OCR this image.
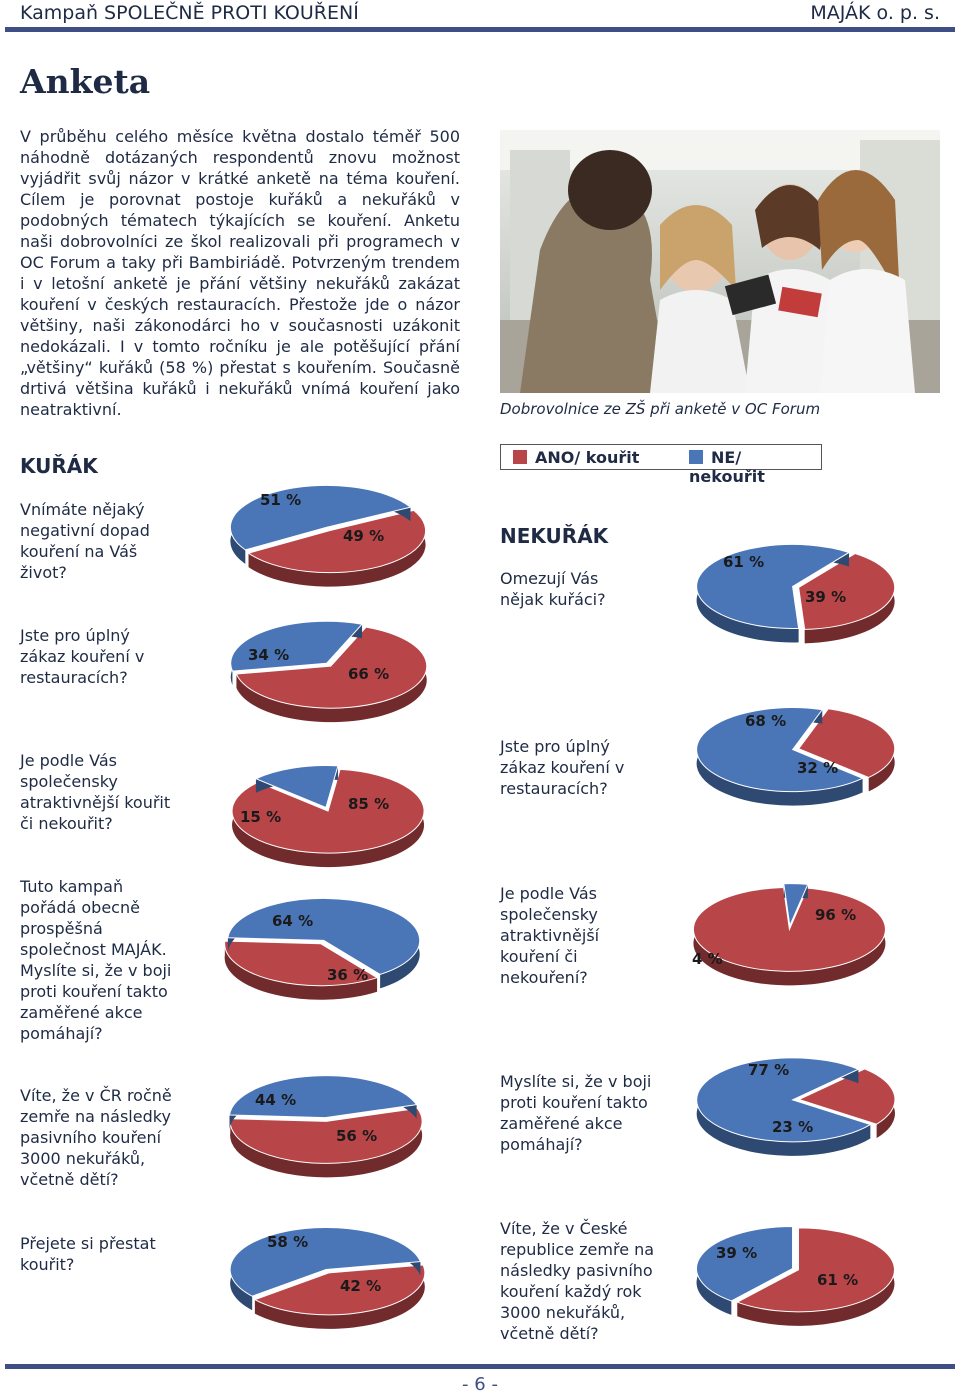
Kampaň SPOLEČNĚ PROTI KOUŘENÍ	MAJÁK o. p. s.
Anketa
V průběhu celého měsíce května dostalo téměř 500 náhodně dotázaných respondentů znovu možnost vyjádřit svůj názor v krátké anketě na téma kouření. Cílem je porovnat postoje kuřáků a nekuřáků v podobných tématech týkajících se kouření. Anketu naši dobrovolníci ze škol realizovali při programech v OC Forum a taky při Bambiriádě. Potvrzeným trendem i v letošní anketě je přání většiny nekuřáků zakázat kouření v českých restauracích. Přestože jde o názor většiny, naši zákonodárci ho v současnosti uzákonit nedokázali. I v tomto ročníku je ale potěšující přání „většiny“ kuřáků (58 %) přestat s kouřením. Současně drtivá většina kuřáků i nekuřáků vnímá kouření jako neatraktivní.	Dobrovolnice ze ZŠ při anketě v OC Forum
ANO/ kouřit	NE/ nekouřit
KUŘÁK
NEKUŘÁK
Vnímáte nějaký negativní dopad kouření na Váš život?
Jste pro úplný zákaz kouření v restauracích?
Je podle Vás společensky atraktivnější kouřit či nekouřit?
Tuto kampaň pořádá obecně prospěšná společnost MAJÁK. Myslíte si, že v boji proti kouření takto zaměřené akce pomáhají?
Víte, že v ČR ročně zemře na následky pasivního kouření 3000 nekuřáků, včetně dětí?
Přejete si přestat kouřit?
Omezují Vás nějak kuřáci?
Jste pro úplný zákaz kouření v restauracích?
Je podle Vás společensky atraktivnější kouření či nekouření?
Myslíte si, že v boji proti kouření takto zaměřené akce pomáhají?
Víte, že v České republice zemře na následky pasivního kouření každý rok 3000 nekuřáků, včetně dětí?
49 %
51 %
66 %
34 %
85 %
15 %
36 %
64 %
56 %
44 %
42 %
58 %
39 %
61 %
32 %
68 %
96 %
4 %
23 %
77 %
61 %
39 %
- 6 -
